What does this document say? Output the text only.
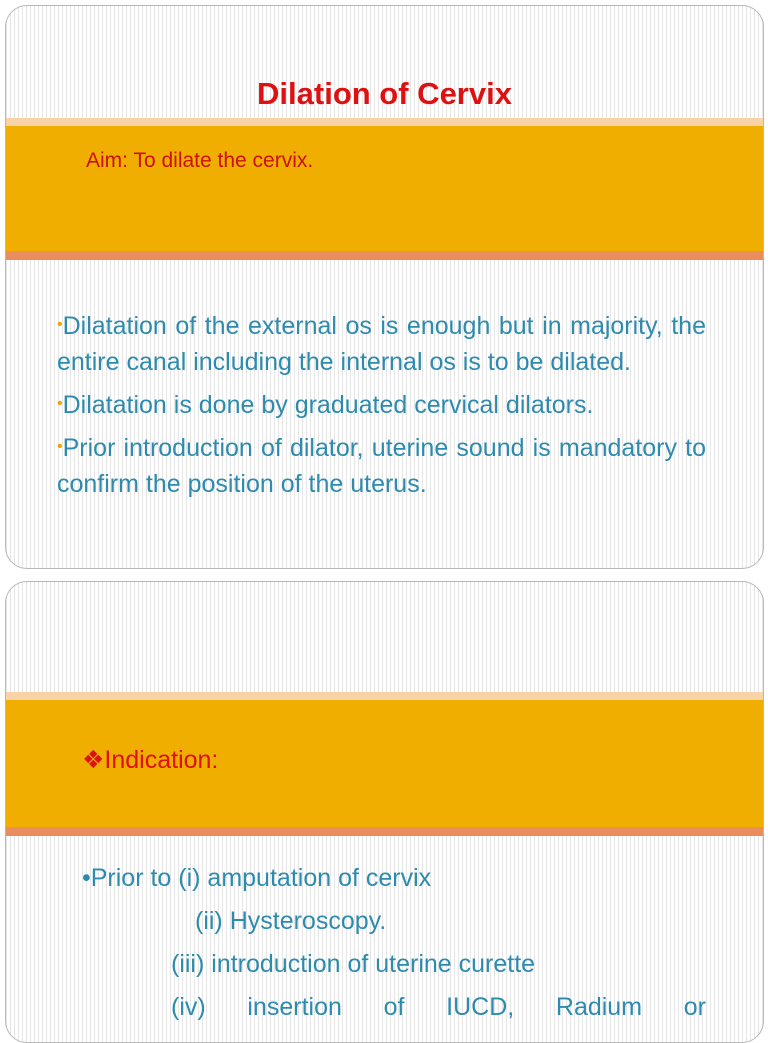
Dilation of Cervix
Aim: To dilate the cervix.
•Dilatation of the external os is enough but in majority, the entire canal including the internal os is to be dilated.
•Dilatation is done by graduated cervical dilators.
•Prior introduction of dilator, uterine sound is mandatory to confirm the position of the uterus.
❖Indication:
•Prior to (i) amputation of cervix
(ii) Hysteroscopy.
(iii) introduction of uterine curette
(iv) insertion of IUCD, Radium or
